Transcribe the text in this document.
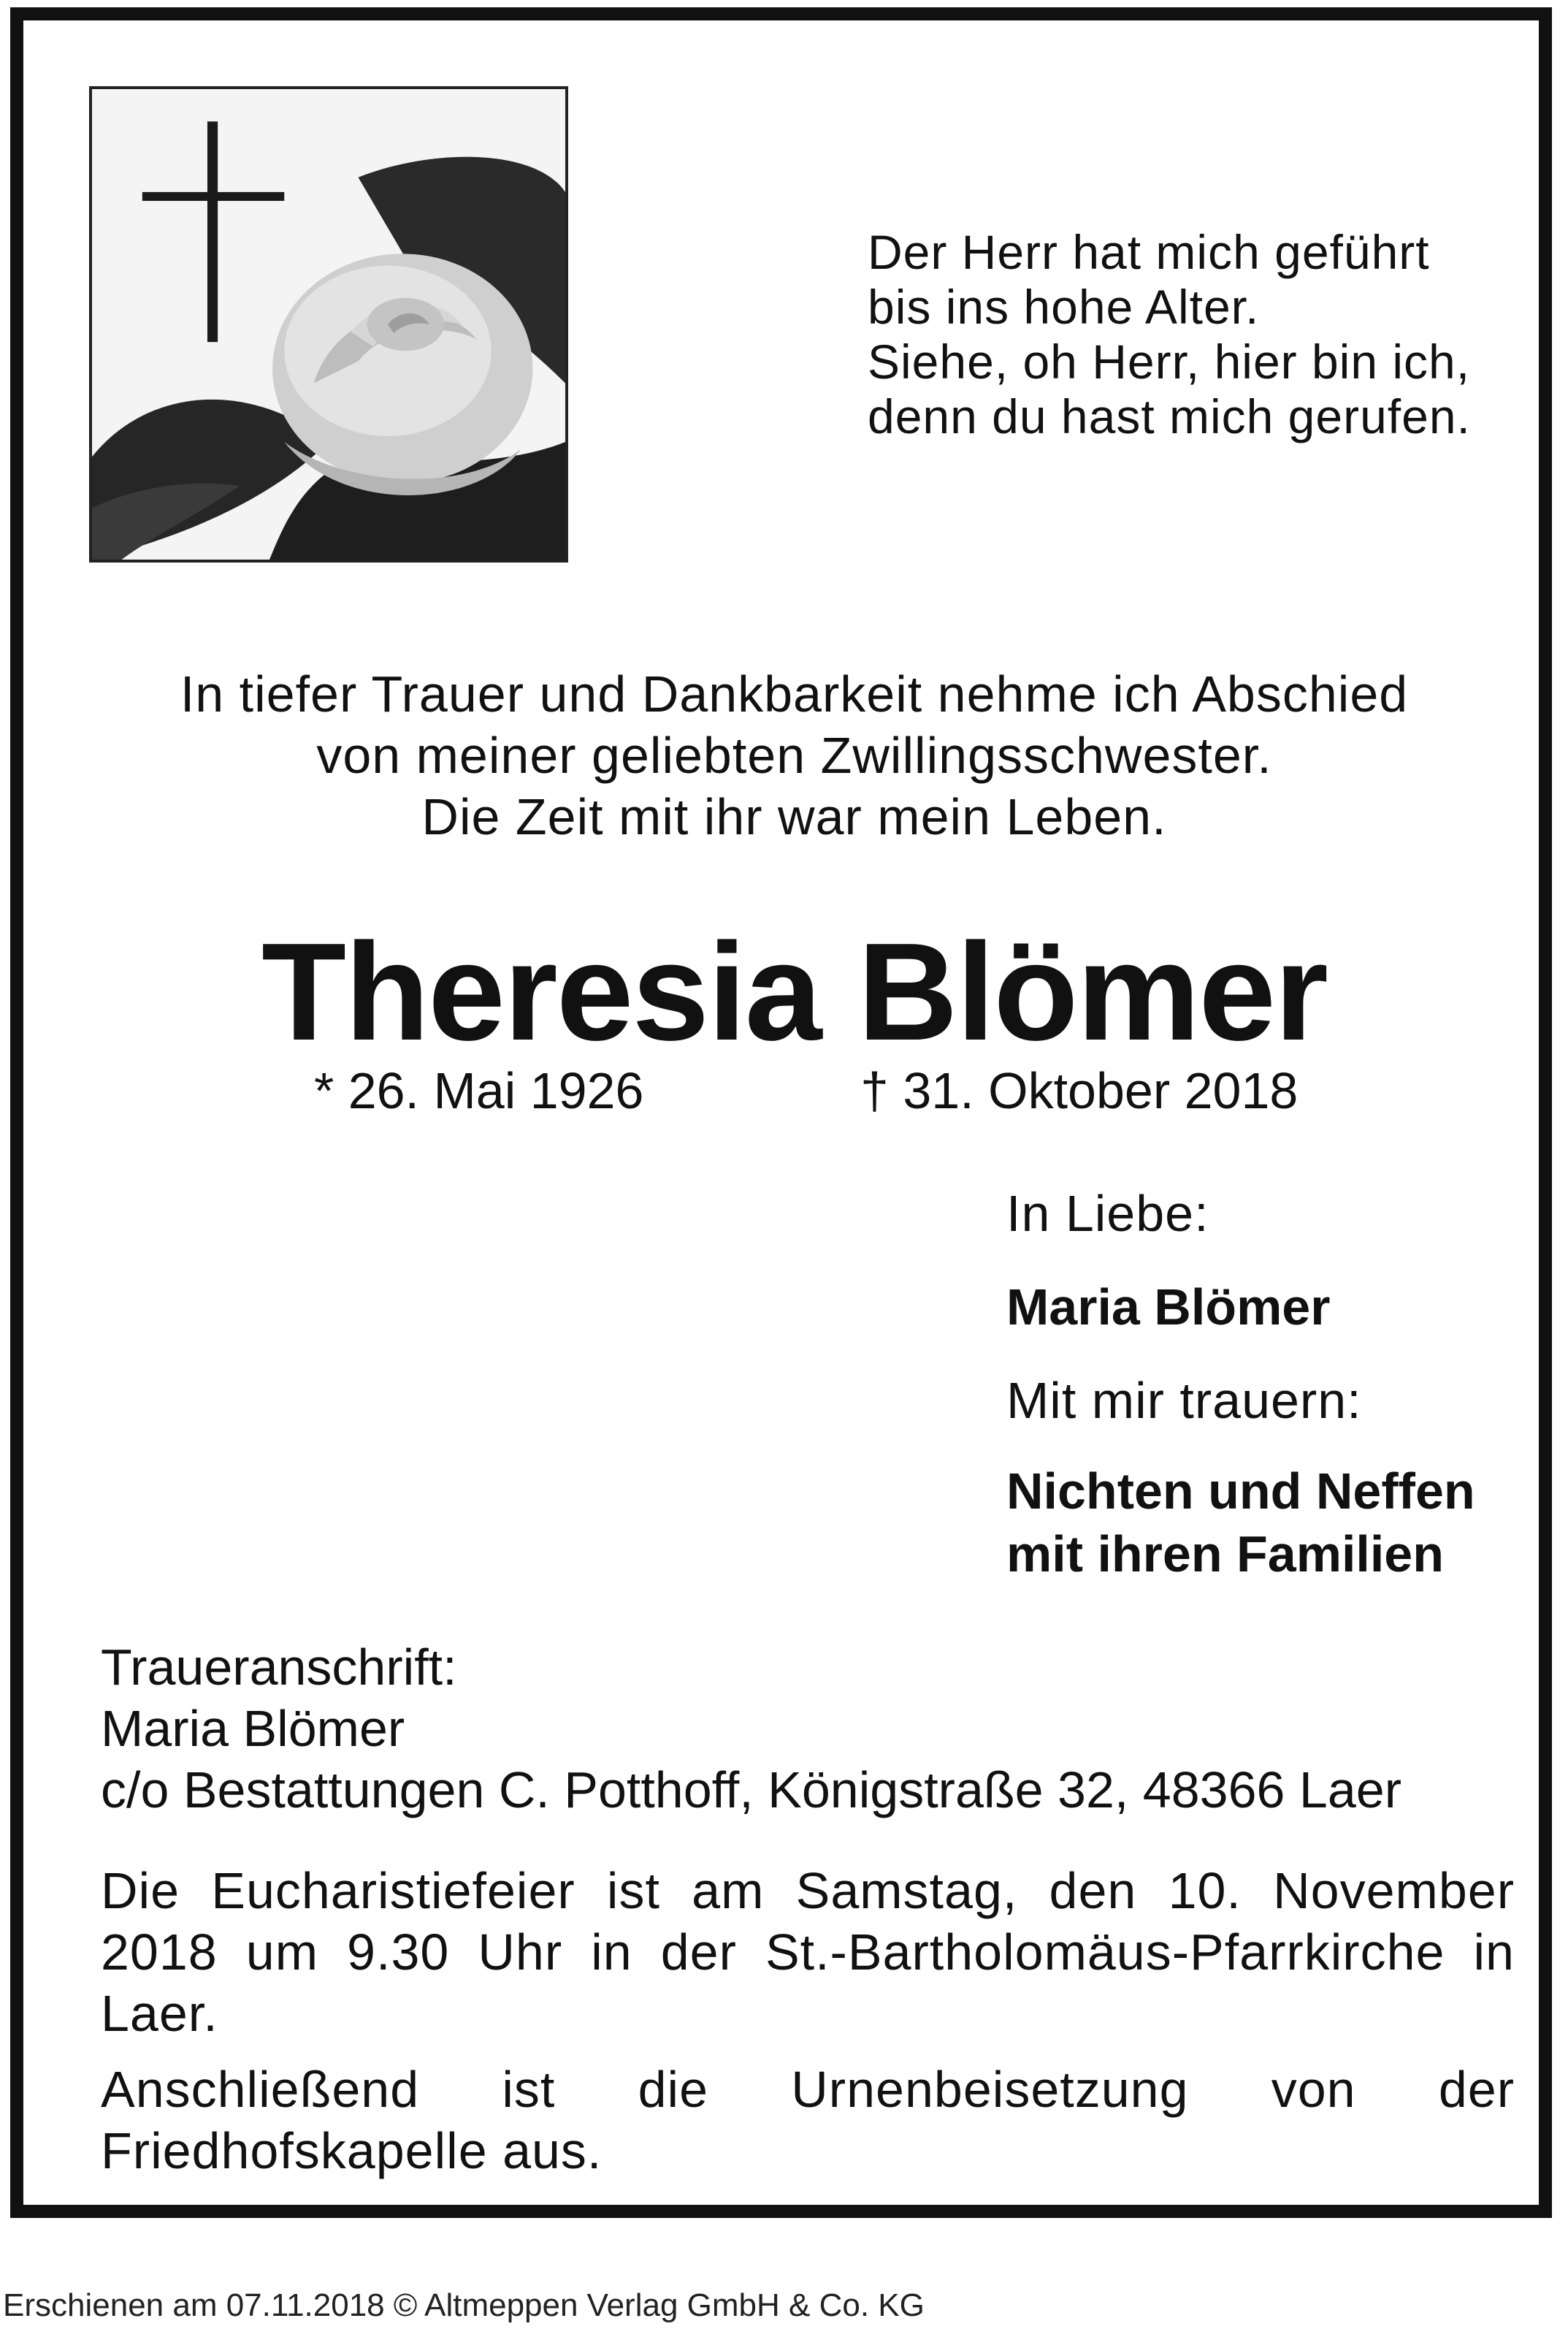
Der Herr hat mich geführt
bis ins hohe Alter.
Siehe, oh Herr, hier bin ich,
denn du hast mich gerufen.
In tiefer Trauer und Dankbarkeit nehme ich Abschied
von meiner geliebten Zwillingsschwester.
Die Zeit mit ihr war mein Leben.
Theresia Blömer
* 26. Mai 1926	† 31. Oktober 2018
In Liebe:
Maria Blömer
Mit mir trauern:
Nichten und Neffen
mit ihren Familien
Traueranschrift:
Maria Blömer
c/o Bestattungen C. Potthoff, Königstraße 32, 48366 Laer
Die Eucharistiefeier ist am Samstag, den 10. November 2018 um 9.30 Uhr in der St.-Bartholomäus-Pfarrkirche in Laer.
Anschließend ist die Urnenbeisetzung von der Friedhofskapelle aus.
Erschienen am 07.11.2018 © Altmeppen Verlag GmbH & Co. KG
